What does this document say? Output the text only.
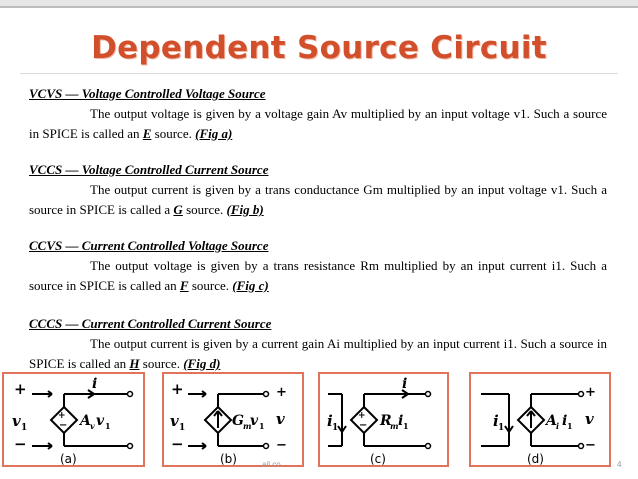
Dependent Source Circuit
VCVS — Voltage Controlled Voltage Source
The output voltage is given by a voltage gain Av multiplied by an input voltage v1. Such a source in SPICE is called an E source. (Fig a)
VCCS — Voltage Controlled Current Source
The output current is given by a trans conductance Gm multiplied by an input voltage v1. Such a source in SPICE is called a G source. (Fig b)
CCVS — Current Controlled Voltage Source
The output voltage is given by a trans resistance Rm multiplied by an input current i1. Such a source in SPICE is called an F source. (Fig c)
CCCS — Current Controlled Current Source
The output current is given by a current gain Ai multiplied by an input current i1. Such a source in SPICE is called an H source. (Fig d)
+
−
+
−
v 1	A v v 1
i
(a)
+
−
v 1	G m
v 1
+
−
v
(b)
+
−
i 1	R
m i 1
i
(c)
i 1	A i i 1
+
−
v
(d)
ail.co	4
